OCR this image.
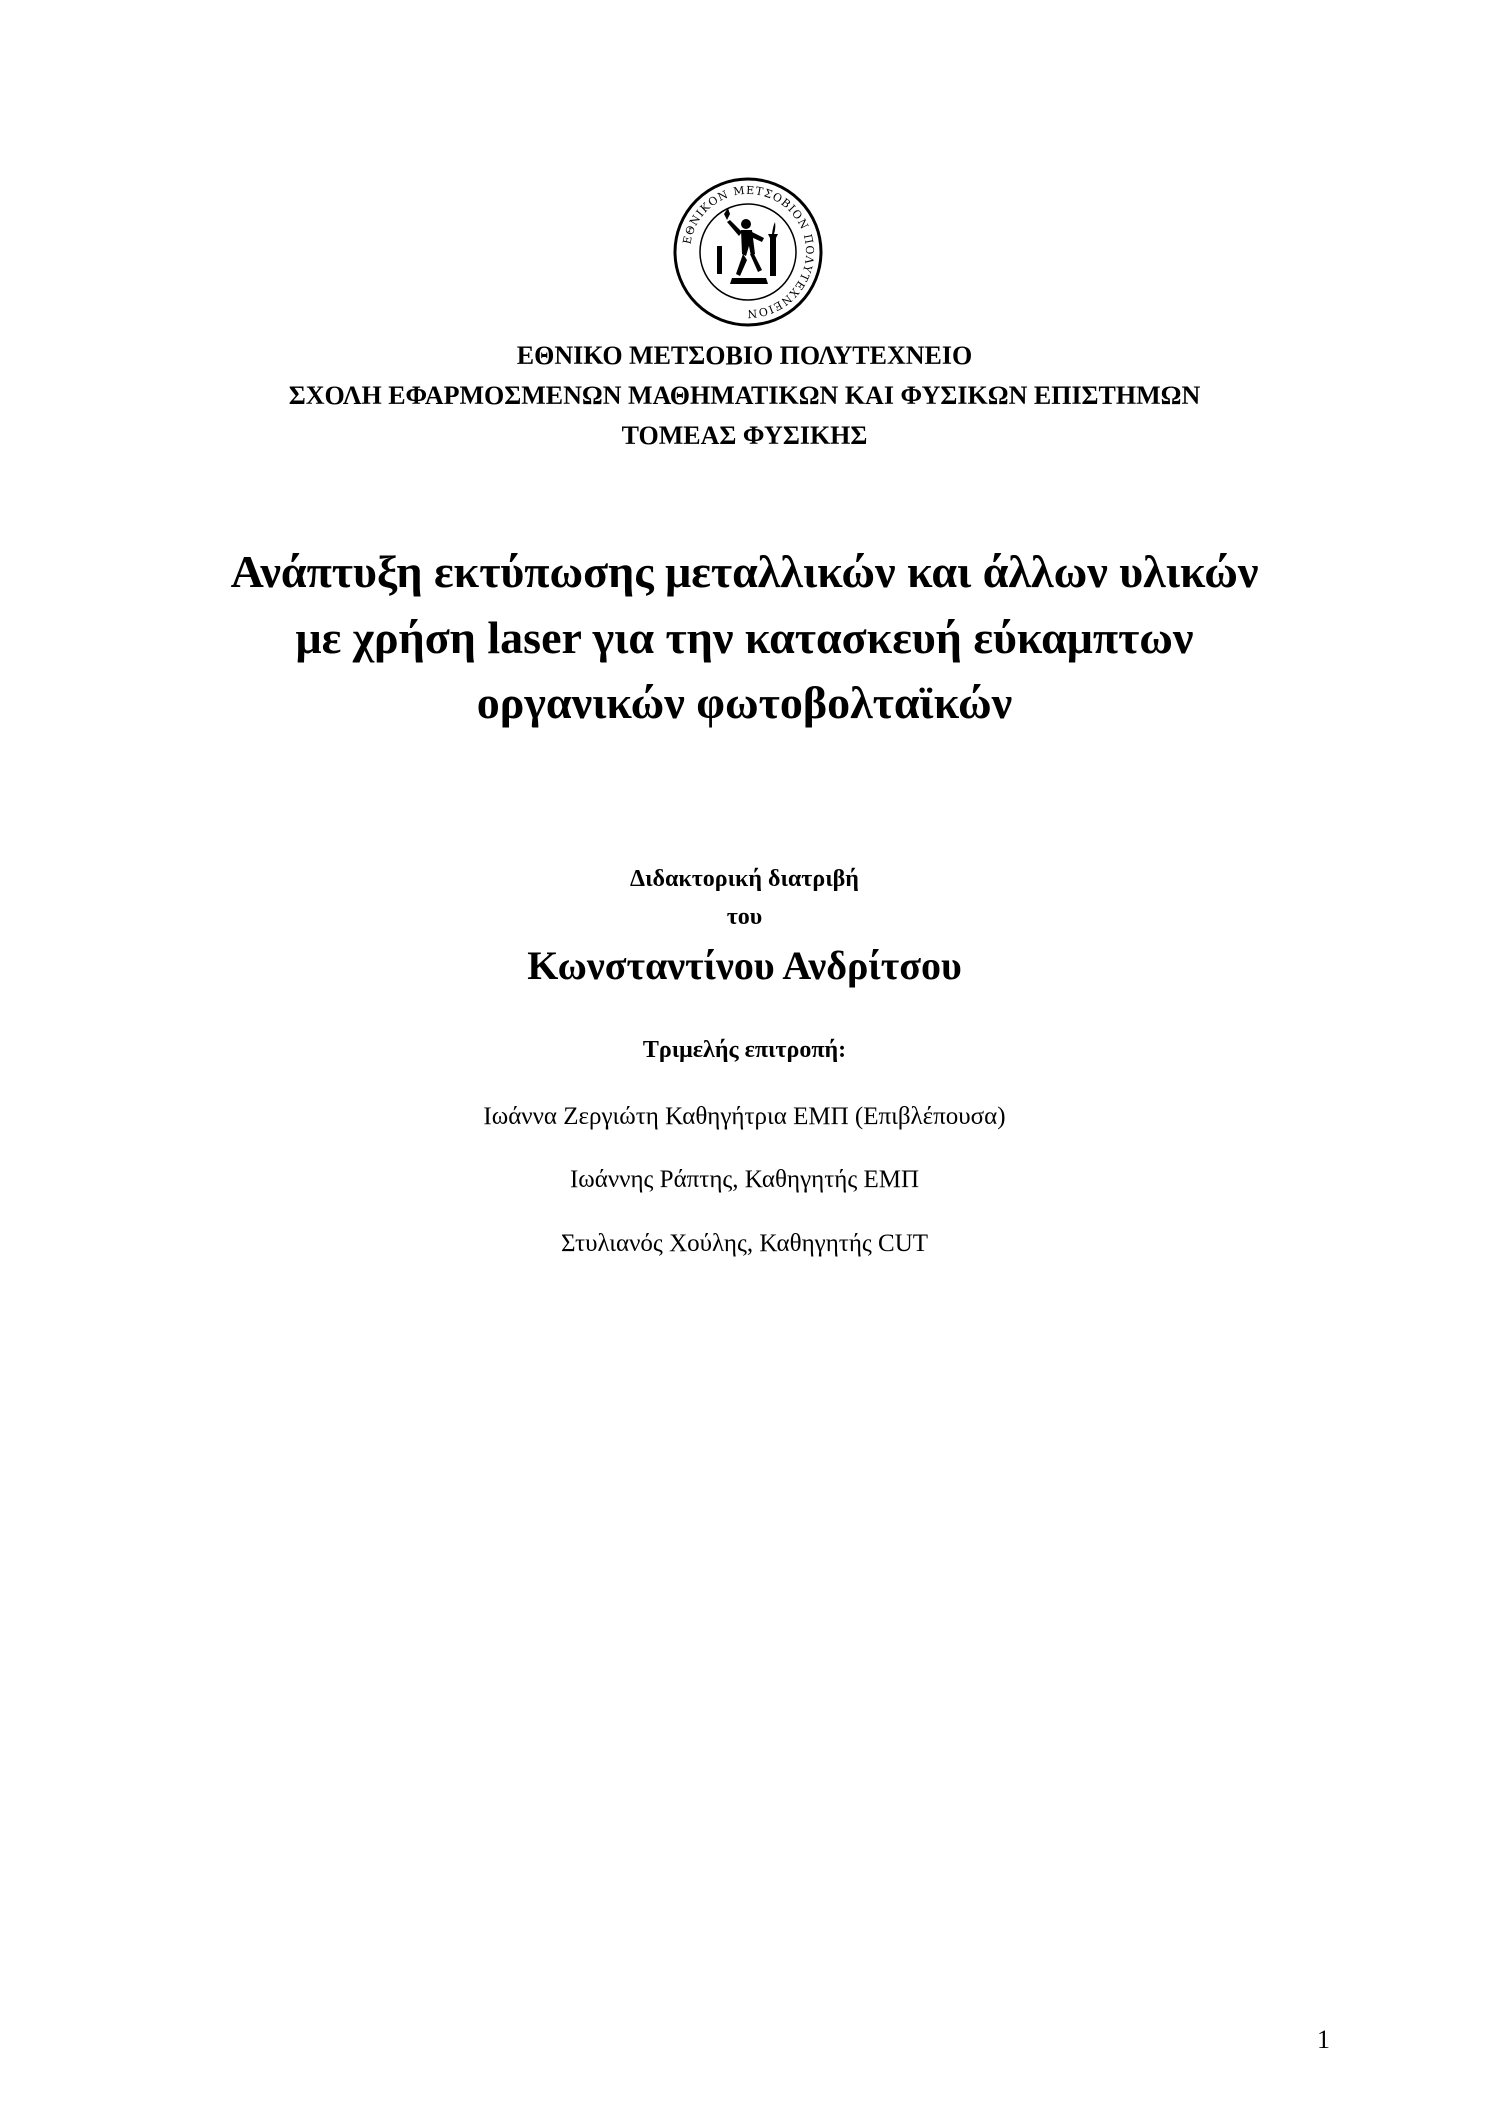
ΕΘΝΙΚΟΝ ΜΕΤΣΟΒΙΟΝ ΠΟΛΥΤΕΧΝΕΙΟΝ
ΕΘΝΙΚΟ ΜΕΤΣΟΒΙΟ ΠΟΛΥΤΕΧΝΕΙΟ
ΣΧΟΛΗ ΕΦΑΡΜΟΣΜΕΝΩΝ ΜΑΘΗΜΑΤΙΚΩΝ ΚΑΙ ΦΥΣΙΚΩΝ ΕΠΙΣΤΗΜΩΝ
ΤΟΜΕΑΣ ΦΥΣΙΚΗΣ
Ανάπτυξη εκτύπωσης μεταλλικών και άλλων υλικών
με χρήση laser για την κατασκευή εύκαμπτων
οργανικών φωτοβολταϊκών
Διδακτορική διατριβή
του
Κωνσταντίνου Ανδρίτσου
Τριμελής επιτροπή:
Ιωάννα Ζεργιώτη Καθηγήτρια ΕΜΠ (Επιβλέπουσα)
Ιωάννης Ράπτης, Καθηγητής ΕΜΠ
Στυλιανός Χούλης, Καθηγητής CUT
1
